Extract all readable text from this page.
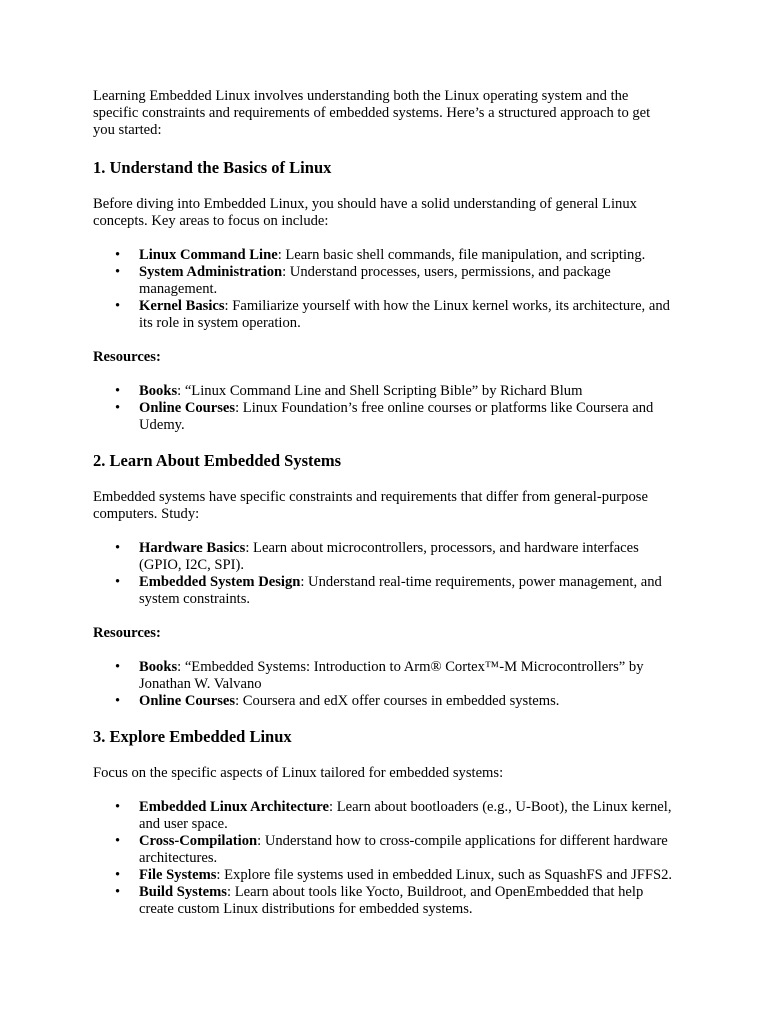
Learning Embedded Linux involves understanding both the Linux operating system and the specific constraints and requirements of embedded systems. Here’s a structured approach to get you started:

1. Understand the Basics of Linux

Before diving into Embedded Linux, you should have a solid understanding of general Linux concepts. Key areas to focus on include:

• Linux Command Line: Learn basic shell commands, file manipulation, and scripting.
• System Administration: Understand processes, users, permissions, and package management.
• Kernel Basics: Familiarize yourself with how the Linux kernel works, its architecture, and its role in system operation.

Resources:

• Books: “Linux Command Line and Shell Scripting Bible” by Richard Blum
• Online Courses: Linux Foundation’s free online courses or platforms like Coursera and Udemy.
2. Learn About Embedded Systems

Embedded systems have specific constraints and requirements that differ from general-purpose computers. Study:

• Hardware Basics: Learn about microcontrollers, processors, and hardware interfaces (GPIO, I2C, SPI).
• Embedded System Design: Understand real-time requirements, power management, and system constraints.

Resources:

• Books: “Embedded Systems: Introduction to Arm® Cortex™-M Microcontrollers” by Jonathan W. Valvano
• Online Courses: Coursera and edX offer courses in embedded systems.
3. Explore Embedded Linux

Focus on the specific aspects of Linux tailored for embedded systems:

• Embedded Linux Architecture: Learn about bootloaders (e.g., U-Boot), the Linux kernel, and user space.
• Cross-Compilation: Understand how to cross-compile applications for different hardware architectures.
• File Systems: Explore file systems used in embedded Linux, such as SquashFS and JFFS2.
• Build Systems: Learn about tools like Yocto, Buildroot, and OpenEmbedded that help create custom Linux distributions for embedded systems.
